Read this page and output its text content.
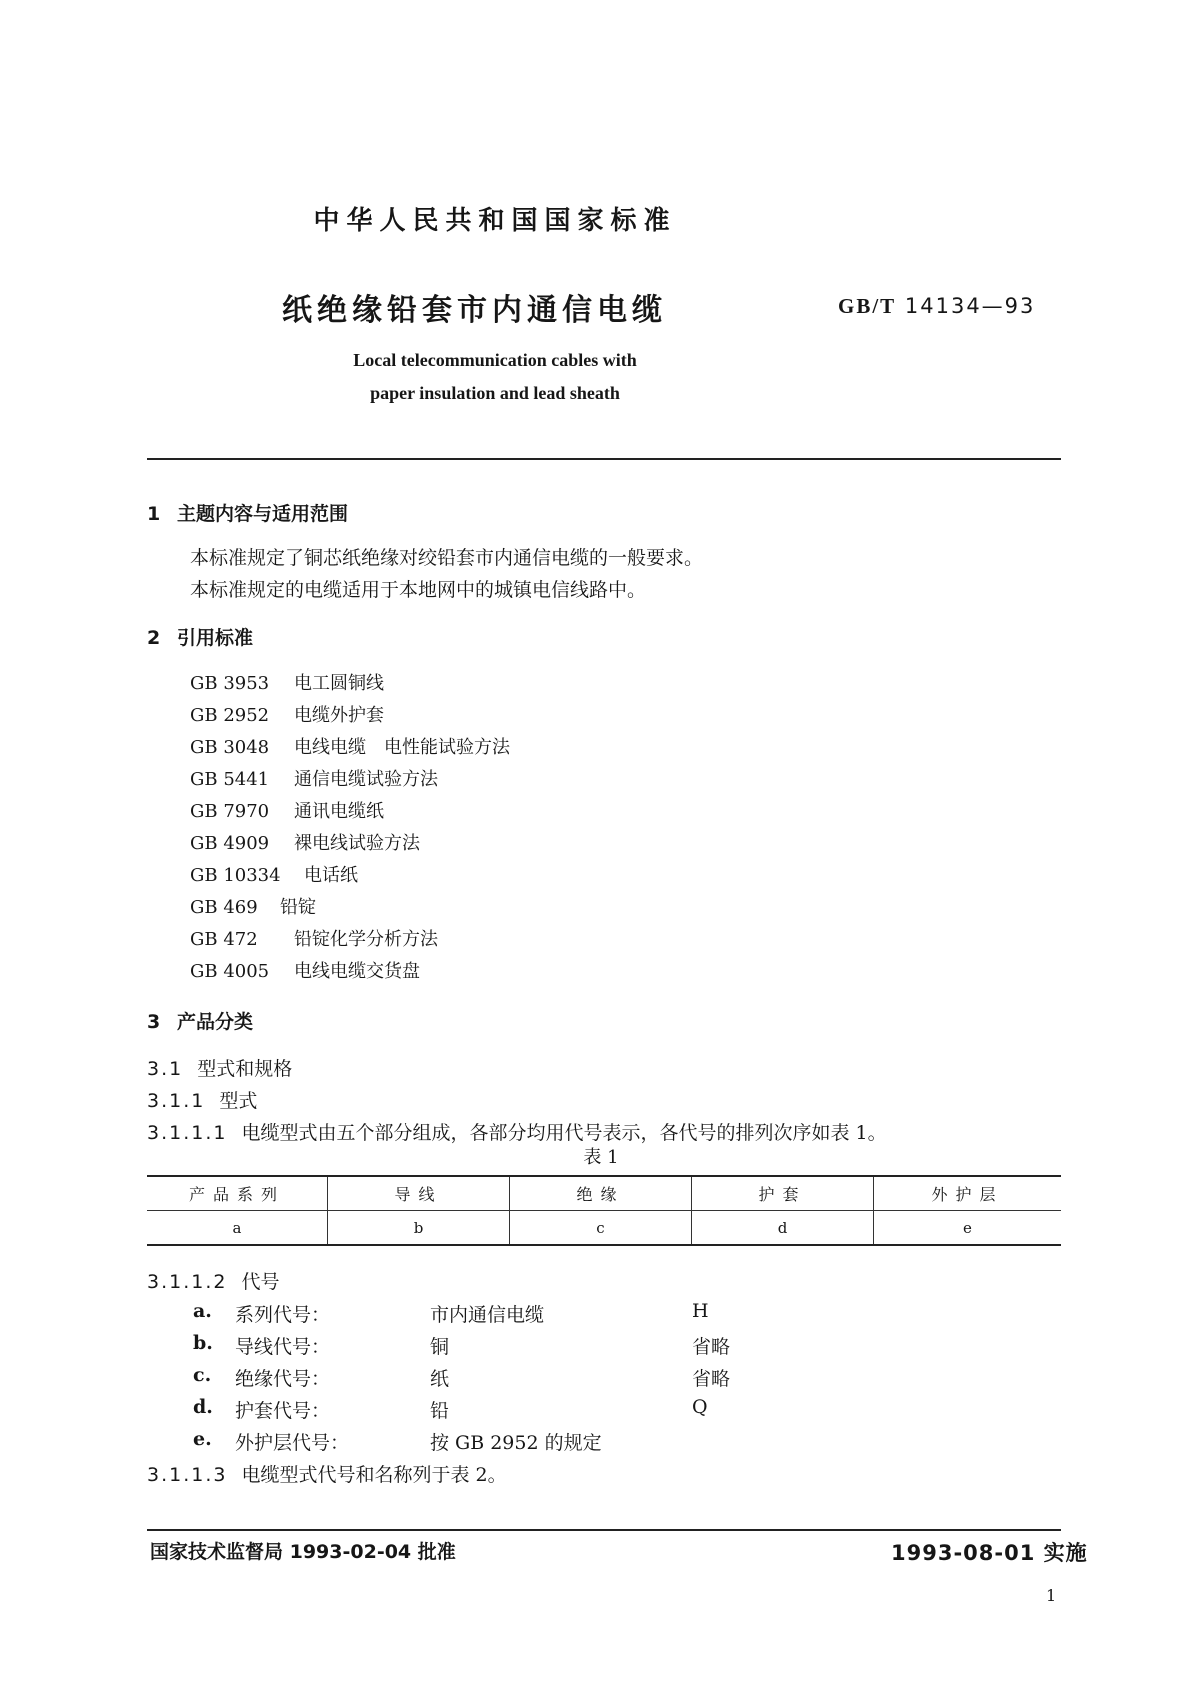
中华人民共和国国家标准
纸绝缘铅套市内通信电缆	GB/T 14134—93
Local telecommunication cables with
paper insulation and lead sheath
1 主题内容与适用范围
本标准规定了铜芯纸绝缘对绞铅套市内通信电缆的一般要求。
本标准规定的电缆适用于本地网中的城镇电信线路中。
2 引用标准
GB 3953 电工圆铜线
GB 2952 电缆外护套
GB 3048 电线电缆　电性能试验方法
GB 5441 通信电缆试验方法
GB 7970 通讯电缆纸
GB 4909 裸电线试验方法
GB 10334 电话纸
GB 469 铅锭
GB 472 铅锭化学分析方法
GB 4005 电线电缆交货盘
3 产品分类
3.1 型式和规格
3.1.1 型式
3.1.1.1 电缆型式由五个部分组成，各部分均用代号表示，各代号的排列次序如表 1。
表 1
产品系列	导线	绝缘	护套	外护层
a	b	c	d	e
3.1.1.2 代号
a. 系列代号：	市内通信电缆	H
b. 导线代号：	铜	省略
c. 绝缘代号：	纸	省略
d. 护套代号：	铅	Q
e. 外护层代号：	按 GB 2952 的规定
3.1.1.3 电缆型式代号和名称列于表 2。
国家技术监督局 1993-02-04 批准	1993-08-01 实施
1
